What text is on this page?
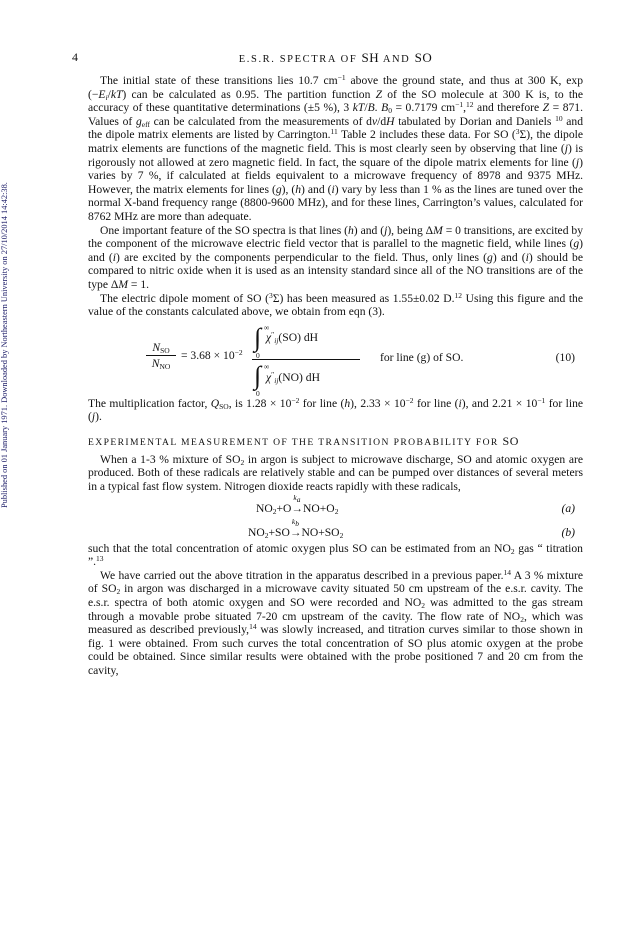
Published on 01 January 1971. Downloaded by Northeastern University on 27/10/2014 14:42:38.
4	E.S.R. SPECTRA OF SH AND SO

The initial state of these transitions lies 10.7 $cm^{-1}$ above the ground state, and thus at 300 K, $\exp (-E_i/kT)$ can be calculated as 0.95. The partition function Z of the SO molecule at 300 K is, to the accuracy of these quantitative determinations (±5 %), 3 kT/B. $B_0 = 0.7179$ $cm^{-1},^{12}$ and therefore Z = 871. Values of $g_{eff}$ can be calculated from the measurements of dv/dH tabulated by Dorian and Daniels $^{10}$ and the dipole matrix elements are listed by Carrington.$^{11}$ Table 2 includes these data. For SO ($^3$Σ), the dipole matrix elements are functions of the magnetic field. This is most clearly seen by observing that line (j) is rigorously not allowed at zero magnetic field. In fact, the square of the dipole matrix elements for line (j) varies by 7 %, if calculated at fields equivalent to a microwave frequency of 8978 and 9375 MHz. However, the matrix elements for lines (g), (h) and (i) vary by less than 1 % as the lines are tuned over the normal X-band frequency range (8800-9600 MHz), and for these lines, Carrington’s values, calculated for 8762 MHz are more than adequate.

One important feature of the SO spectra is that lines (h) and (j), being ΔM = 0 transitions, are excited by the component of the microwave electric field vector that is parallel to the magnetic field, while lines (g) and (i) are excited by the components perpendicular to the field. Thus, only lines (g) and (i) should be compared to nitric oxide when it is used as an intensity standard since all of the NO transitions are of the type ΔM = 1.

The electric dipole moment of SO ($^3$Σ) has been measured as 1.55±0.02 D.$^{12}$ Using this figure and the value of the constants calculated above, we obtain from eqn (3).

$N_{SO}$
$N_{NO}$
= $3.68 \times 10^{-2}$
∫ ∞
0
$\chi''_{ij}(SO)$ dH
∫ ∞
0
$\chi''_{ij}(NO)$ dH
for line (g) of SO.	(10)

The multiplication factor, $Q_{SO}$, is $1.28 \times 10^{-2}$ for line (h), $2.33 \times 10^{-2}$ for line (i), and $2.21 \times 10^{-1}$ for line (j).

EXPERIMENTAL MEASUREMENT OF THE TRANSITION PROBABILITY FOR SO

When a 1-3 % mixture of $SO_2$ in argon is subject to microwave discharge, SO and atomic oxygen are produced. Both of these radicals are relatively stable and can be pumped over distances of several meters in a typical fast flow system. Nitrogen dioxide reacts rapidly with these radicals,

$NO_2+O\to$
$k_a$
$NO+O_2$	(a)
$NO_2+SO\to$
$k_b$
$NO+SO_2$	(b)

such that the total concentration of atomic oxygen plus SO can be estimated from an $NO_2$ gas “ titration ”.$^{13}$

We have carried out the above titration in the apparatus described in a previous paper.$^{14}$ A 3 % mixture of $SO_2$ in argon was discharged in a microwave cavity situated 50 cm upstream of the e.s.r. cavity. The e.s.r. spectra of both atomic oxygen and SO were recorded and $NO_2$ was admitted to the gas stream through a movable probe situated 7-20 cm upstream of the cavity. The flow rate of $NO_2$, which was measured as described previously,$^{14}$ was slowly increased, and titration curves similar to those shown in fig. 1 were obtained. From such curves the total concentration of SO plus atomic oxygen at the probe could be obtained. Since similar results were obtained with the probe positioned 7 and 20 cm from the cavity,
